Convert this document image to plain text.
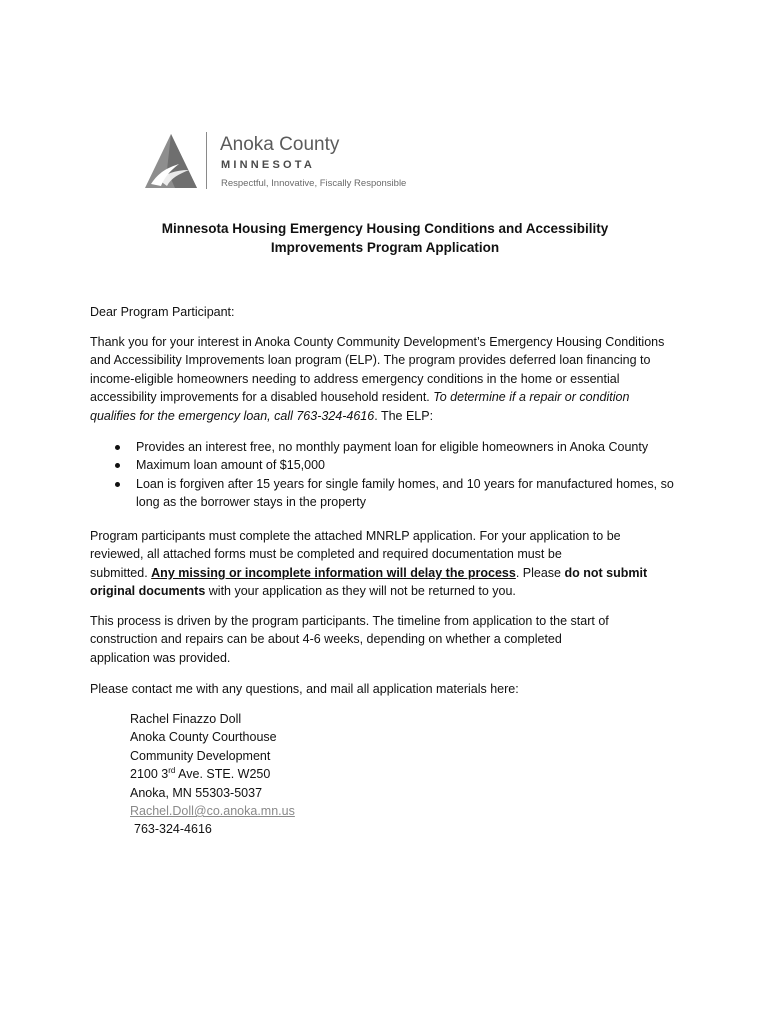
Anoka County
MINNESOTA
Respectful, Innovative, Fiscally Responsible
Minnesota Housing Emergency Housing Conditions and Accessibility
Improvements Program Application
Dear Program Participant:
Thank you for your interest in Anoka County Community Development’s Emergency Housing Conditions
and Accessibility Improvements loan program (ELP). The program provides deferred loan financing to
income-eligible homeowners needing to address emergency conditions in the home or essential
accessibility improvements for a disabled household resident. To determine if a repair or condition
qualifies for the emergency loan, call 763-324-4616. The ELP:
Provides an interest free, no monthly payment loan for eligible homeowners in Anoka County
Maximum loan amount of $15,000
Loan is forgiven after 15 years for single family homes, and 10 years for manufactured homes, so
long as the borrower stays in the property
Program participants must complete the attached MNRLP application. For your application to be
reviewed, all attached forms must be completed and required documentation must be
submitted. Any missing or incomplete information will delay the process. Please do not submit
original documents with your application as they will not be returned to you.
This process is driven by the program participants. The timeline from application to the start of
construction and repairs can be about 4-6 weeks, depending on whether a completed
application was provided.
Please contact me with any questions, and mail all application materials here:
Rachel Finazzo Doll
Anoka County Courthouse
Community Development
2100 3rd Ave. STE. W250
Anoka, MN 55303-5037
Rachel.Doll@co.anoka.mn.us
763-324-4616
